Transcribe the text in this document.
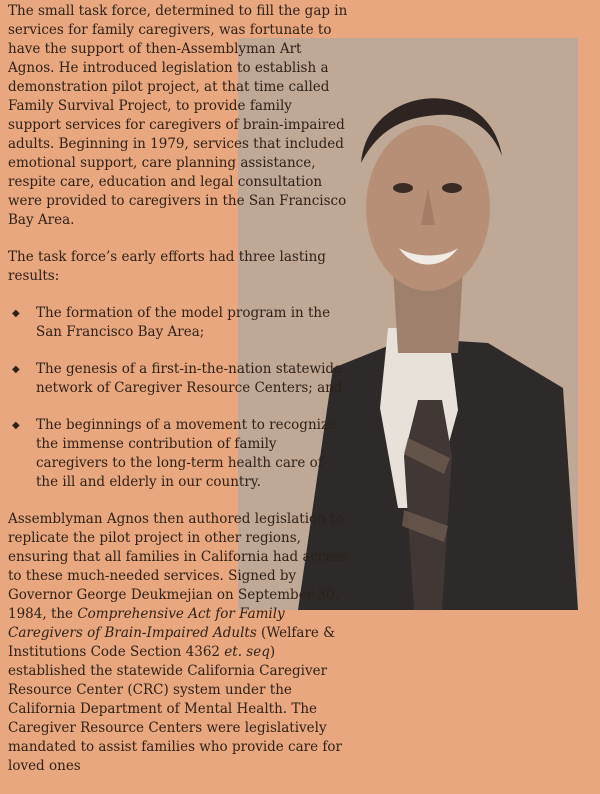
The small task force, determined to fill the gap in services for family caregivers, was fortunate to have the support of then-Assemblyman Art Agnos. He introduced legislation to establish a demonstration pilot project, at that time called Family Survival Project, to provide family support services for caregivers of brain-impaired adults. Beginning in 1979, services that included emotional support, care planning assistance, respite care, education and legal consultation were provided to caregivers in the San Francisco Bay Area.

The task force’s early efforts had three lasting results:

◆ The formation of the model program in the San Francisco Bay Area;
◆ The genesis of a first-in-the-nation statewide network of Caregiver Resource Centers; and
◆ The beginnings of a movement to recognize the immense contribution of family caregivers to the long-term health care of the ill and elderly in our country.

Assemblyman Agnos then authored legislation to replicate the pilot project in other regions, ensuring that all families in California had access to these much-needed services. Signed by Governor George Deukmejian on September 30, 1984, the Comprehensive Act for Family Caregivers of Brain-Impaired Adults (Welfare & Institutions Code Section 4362 et. seq) established the statewide California Caregiver Resource Center (CRC) system under the California Department of Mental Health. The Caregiver Resource Centers were legislatively mandated to assist families who provide care for loved ones
